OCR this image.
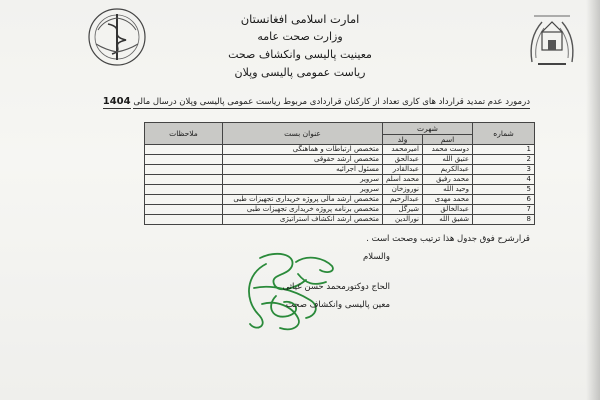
امارت اسلامی افغانستان
وزارت صحت عامه
معینیت پالیسی وانکشاف صحت
ریاست عمومی پالیسی وپلان
درمورد عدم تمدید قرارداد های کاری تعداد از کارکنان قراردادی مربوط ریاست عمومی پالیسی وپلان درسال مالی 1404
شماره	شهرت		عنوان بست	ملاحظات
	اسم	ولد		
1	دوست محمد	امیرمحمد	متخصص ارتباطات و هماهنگی	
2	عتیق الله	عبدالحق	متخصص ارشد حقوقی	
3	عبدالکریم	عبدالقادر	مسئول اجرائیه	
4	محمد رفیق	محمد اسلم	سرویر	
5	وحید الله	نوروزخان	سرویر	
6	محمد مهدی	عبدالرحیم	متخصص ارشد مالی پروژه خریداری تجهیزات طبی	
7	عبدالخالق	شیرگل	متخصص برنامه پروژه خریداری تجهیزات طبی	
8	شفیق الله	نورالدین	متخصص ارشد انکشاف استراتیژی	
قرارشرح فوق جدول هذا ترتیب وصحت است .
والسلام
الحاج دوکتورمحمد حسن غیاثی
معین پالیسی وانکشاف صحت
